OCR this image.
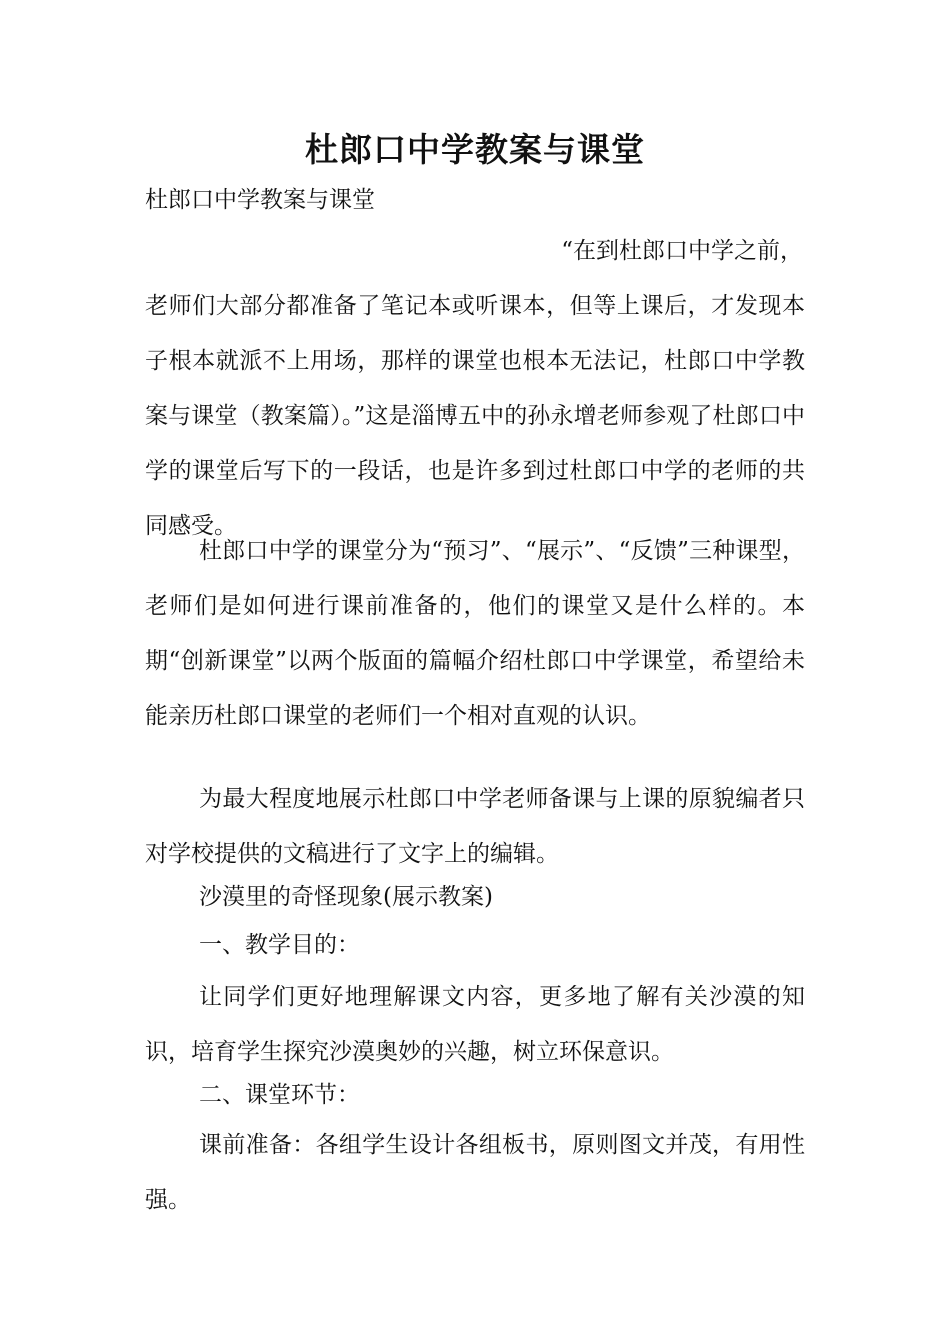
杜郎口中学教案与课堂

杜郎口中学教案与课堂

“在到杜郎口中学之前，
老师们大部分都准备了笔记本或听课本，但等上课后，才发现本子根本就派不上用场，那样的课堂也根本无法记，杜郎口中学教案与课堂（教案篇）。”这是淄博五中的孙永增老师参观了杜郎口中学的课堂后写下的一段话，也是许多到过杜郎口中学的老师的共同感受。

杜郎口中学的课堂分为“预习”、“展示”、“反馈”三种课型，老师们是如何进行课前准备的，他们的课堂又是什么样的。本期“创新课堂”以两个版面的篇幅介绍杜郎口中学课堂，希望给未能亲历杜郎口课堂的老师们一个相对直观的认识。

为最大程度地展示杜郎口中学老师备课与上课的原貌编者只对学校提供的文稿进行了文字上的编辑。

沙漠里的奇怪现象(展示教案)

一、教学目的：

让同学们更好地理解课文内容，更多地了解有关沙漠的知识，培育学生探究沙漠奥妙的兴趣，树立环保意识。

二、课堂环节：

课前准备：各组学生设计各组板书，原则图文并茂，有用性强。
